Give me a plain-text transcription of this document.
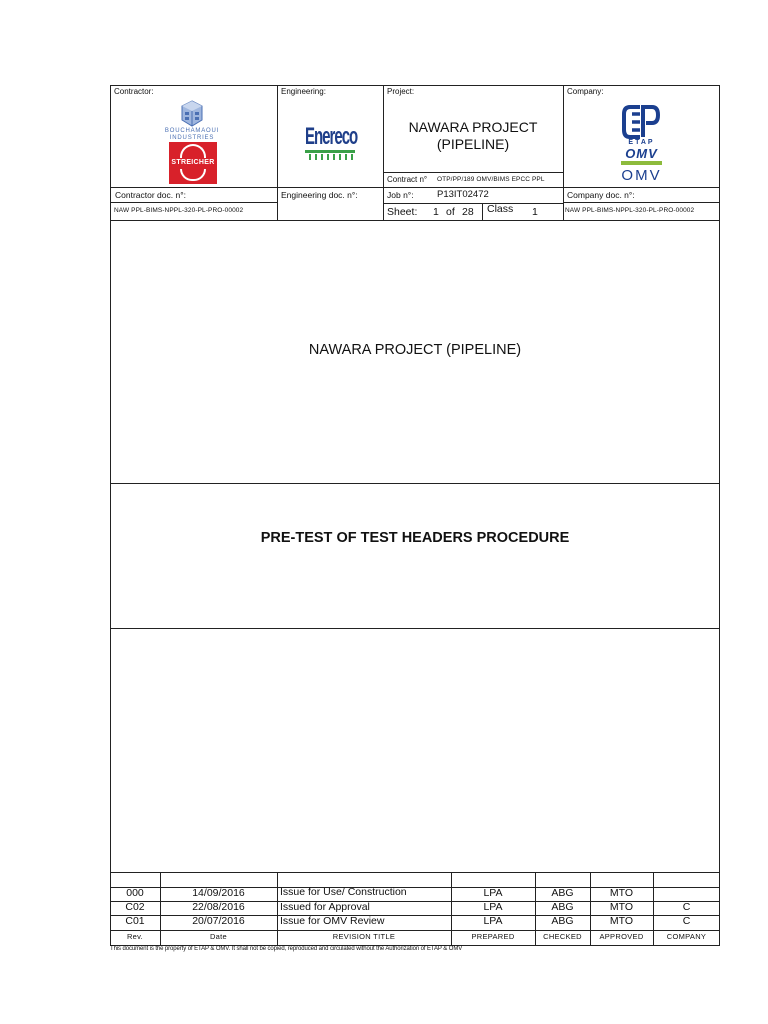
Contractor:
BOUCHAMAOUI
INDUSTRIES
STREICHER
Engineering:
Enereco
Project:
NAWARA PROJECT
(PIPELINE)
Contract n° OTP/PP/189 OMV/BIMS EPCC PPL
Company:
ETAP
OMV
OMV
Contractor doc. n°:
NAW PPL-BIMS-NPPL-320-PL-PRO-00002
Engineering doc. n°:	Job n°: P13IT02472	Company doc. n°:
NAW PPL-BIMS-NPPL-320-PL-PRO-00002
Sheet: 1 of 28 Class 1
NAWARA PROJECT (PIPELINE)
PRE-TEST OF TEST HEADERS PROCEDURE
000	14/09/2016	Issue for Use/ Construction	LPA	ABG	MTO
C02	22/08/2016	Issued for Approval	LPA	ABG	MTO	C
C01	20/07/2016	Issue for OMV Review	LPA	ABG	MTO	C
Rev.	Date	REVISION TITLE	PREPARED	CHECKED	APPROVED	COMPANY
This document is the property of ETAP & OMV. It shall not be copied, reproduced and circulated without the Authorization of ETAP & OMV
